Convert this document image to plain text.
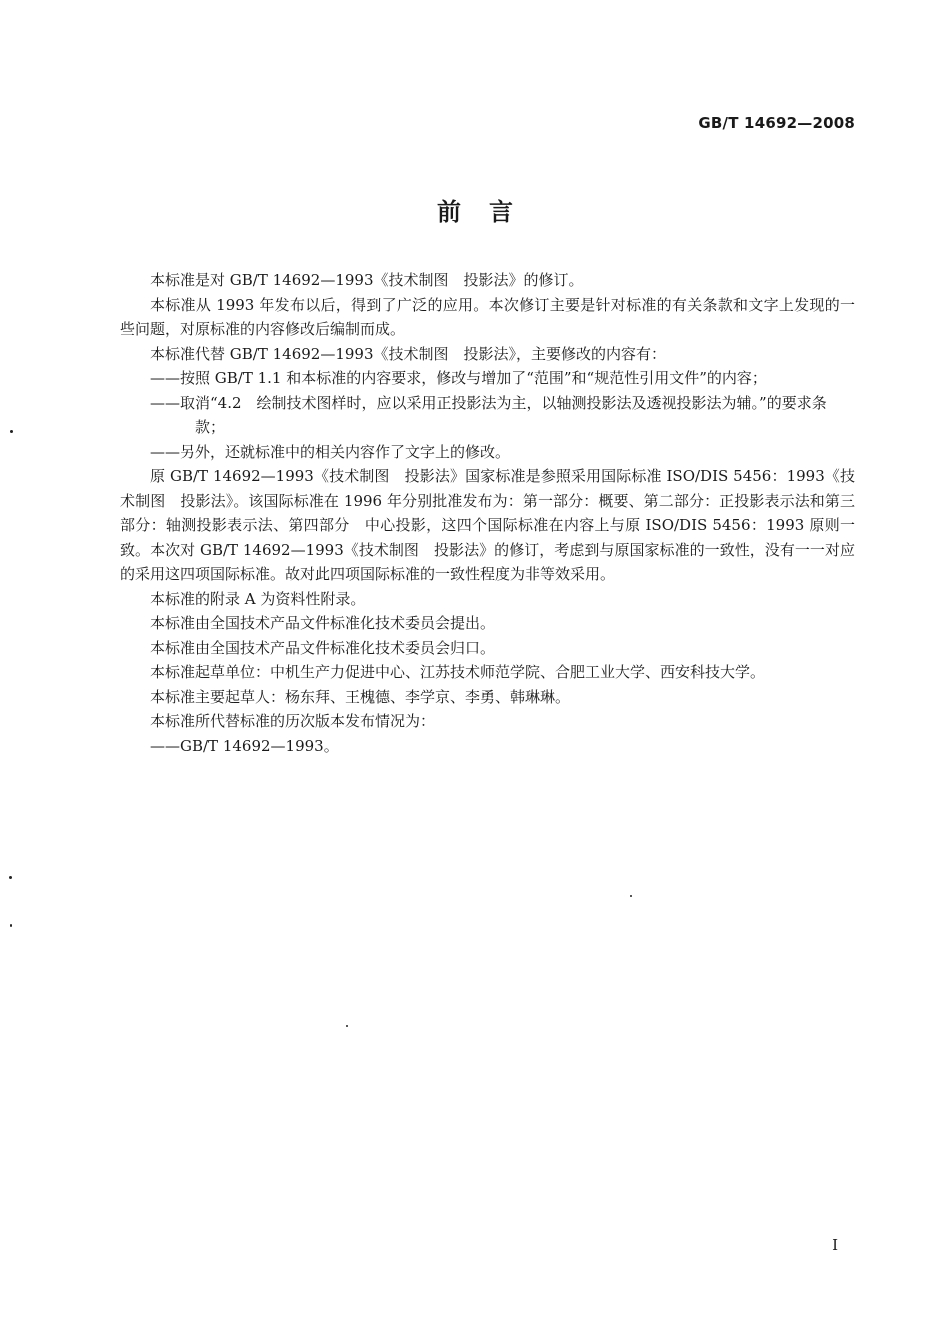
GB/T 14692—2008
前言

本标准是对 GB/T 14692—1993《技术制图　投影法》的修订。

本标准从 1993 年发布以后，得到了广泛的应用。本次修订主要是针对标准的有关条款和文字上发现的一些问题，对原标准的内容修改后编制而成。

本标准代替 GB/T 14692—1993《技术制图　投影法》，主要修改的内容有：

——按照 GB/T 1.1 和本标准的内容要求，修改与增加了“范围”和“规范性引用文件”的内容；

——取消“4.2　绘制技术图样时，应以采用正投影法为主，以轴测投影法及透视投影法为辅。”的要求条款；

——另外，还就标准中的相关内容作了文字上的修改。

原 GB/T 14692—1993《技术制图　投影法》国家标准是参照采用国际标准 ISO/DIS 5456：1993《技术制图　投影法》。该国际标准在 1996 年分别批准发布为：第一部分：概要、第二部分：正投影表示法和第三部分：轴测投影表示法、第四部分　中心投影，这四个国际标准在内容上与原 ISO/DIS 5456：1993 原则一致。本次对 GB/T 14692—1993《技术制图　投影法》的修订，考虑到与原国家标准的一致性，没有一一对应的采用这四项国际标准。故对此四项国际标准的一致性程度为非等效采用。

本标准的附录 A 为资料性附录。

本标准由全国技术产品文件标准化技术委员会提出。

本标准由全国技术产品文件标准化技术委员会归口。

本标准起草单位：中机生产力促进中心、江苏技术师范学院、合肥工业大学、西安科技大学。

本标准主要起草人：杨东拜、王槐德、李学京、李勇、韩琳琳。

本标准所代替标准的历次版本发布情况为：

——GB/T 14692—1993。

I
